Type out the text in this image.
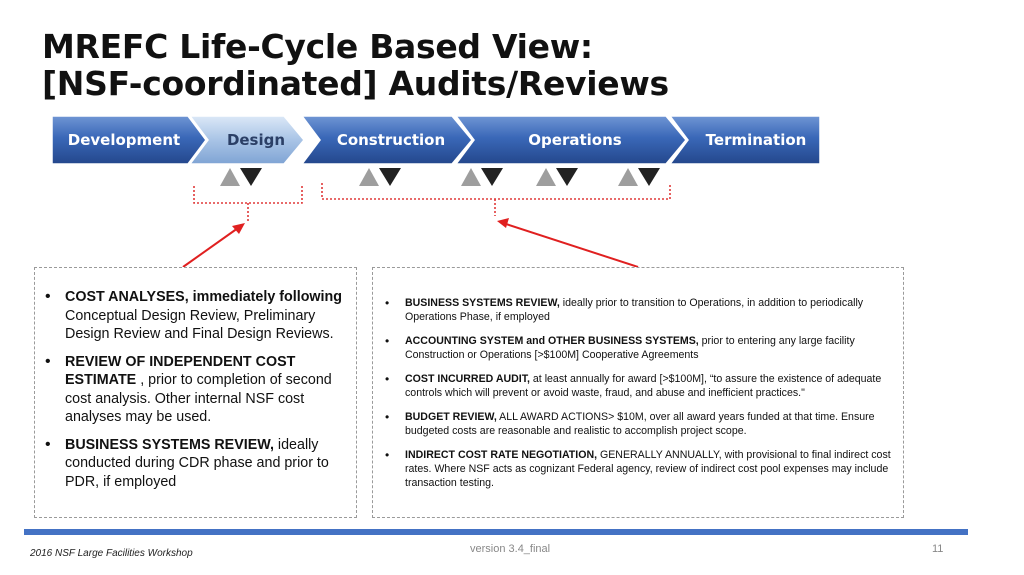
MREFC Life-Cycle Based View:
[NSF-coordinated] Audits/Reviews
Development	Design	Construction	Operations	Termination
• COST ANALYSES, immediately following Conceptual Design Review, Preliminary Design Review and Final Design Reviews.
• REVIEW OF INDEPENDENT COST ESTIMATE , prior to completion of second cost analysis. Other internal NSF cost analyses may be used.
• BUSINESS SYSTEMS REVIEW, ideally conducted during CDR phase and prior to PDR, if employed
• BUSINESS SYSTEMS REVIEW, ideally prior to transition to Operations, in addition to periodically Operations Phase, if employed
• ACCOUNTING SYSTEM and OTHER BUSINESS SYSTEMS, prior to entering any large facility Construction or Operations [>$100M] Cooperative Agreements
• COST INCURRED AUDIT, at least annually for award [>$100M], “to assure the existence of adequate controls which will prevent or avoid waste, fraud, and abuse and inefficient practices."
• BUDGET REVIEW, ALL AWARD ACTIONS> $10M, over all award years funded at that time. Ensure budgeted costs are reasonable and realistic to accomplish project scope.
• INDIRECT COST RATE NEGOTIATION, GENERALLY ANNUALLY, with provisional to final indirect cost rates. Where NSF acts as cognizant Federal agency, review of indirect cost pool expenses may include transaction testing.
2016 NSF Large Facilities Workshop	version 3.4_final	11
